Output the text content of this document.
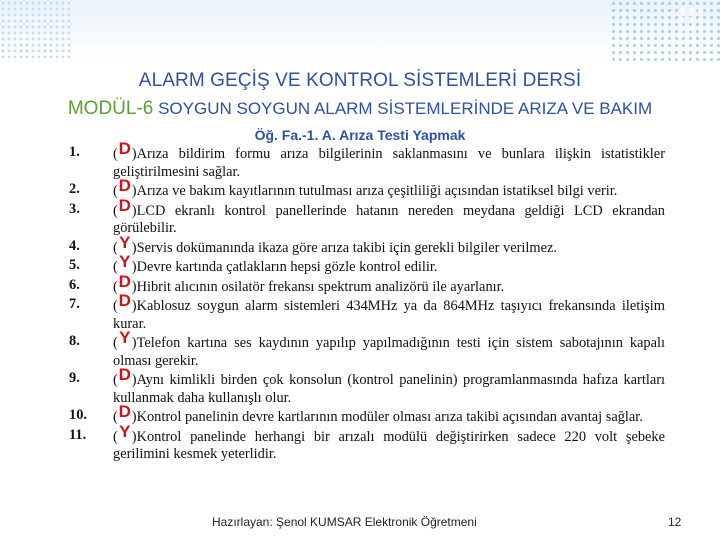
ALARM GEÇİŞ VE KONTROL SİSTEMLERİ DERSİ
MODÜL-6 SOYGUN SOYGUN ALARM SİSTEMLERİNDE ARIZA VE BAKIM
Öğ. Fa.-1. A. Arıza Testi Yapmak
1.	(D)Arıza bildirim formu arıza bilgilerinin saklanmasını ve bunlara ilişkin istatistikler geliştirilmesini sağlar.
2.	(D)Arıza ve bakım kayıtlarının tutulması arıza çeşitliliği açısından istatiksel bilgi verir.
3.	(D)LCD ekranlı kontrol panellerinde hatanın nereden meydana geldiği LCD ekrandan görülebilir.
4.	(Y)Servis dokümanında ikaza göre arıza takibi için gerekli bilgiler verilmez.
5.	(Y)Devre kartında çatlakların hepsi gözle kontrol edilir.
6.	(D)Hibrit alıcının osilatör frekansı spektrum analizörü ile ayarlanır.
7.	(D)Kablosuz soygun alarm sistemleri 434MHz ya da 864MHz taşıyıcı frekansında iletişim kurar.
8.	(Y)Telefon kartına ses kaydının yapılıp yapılmadığının testi için sistem sabotajının kapalı olması gerekir.
9.	(D)Aynı kimlikli birden çok konsolun (kontrol panelinin) programlanmasında hafıza kartları kullanmak daha kullanışlı olur.
10.	(D)Kontrol panelinin devre kartlarının modüler olması arıza takibi açısından avantaj sağlar.
11.	(Y)Kontrol panelinde herhangi bir arızalı modülü değiştirirken sadece 220 volt şebeke gerilimini kesmek yeterlidir.
Hazırlayan: Şenol KUMSAR Elektronik Öğretmeni	12
